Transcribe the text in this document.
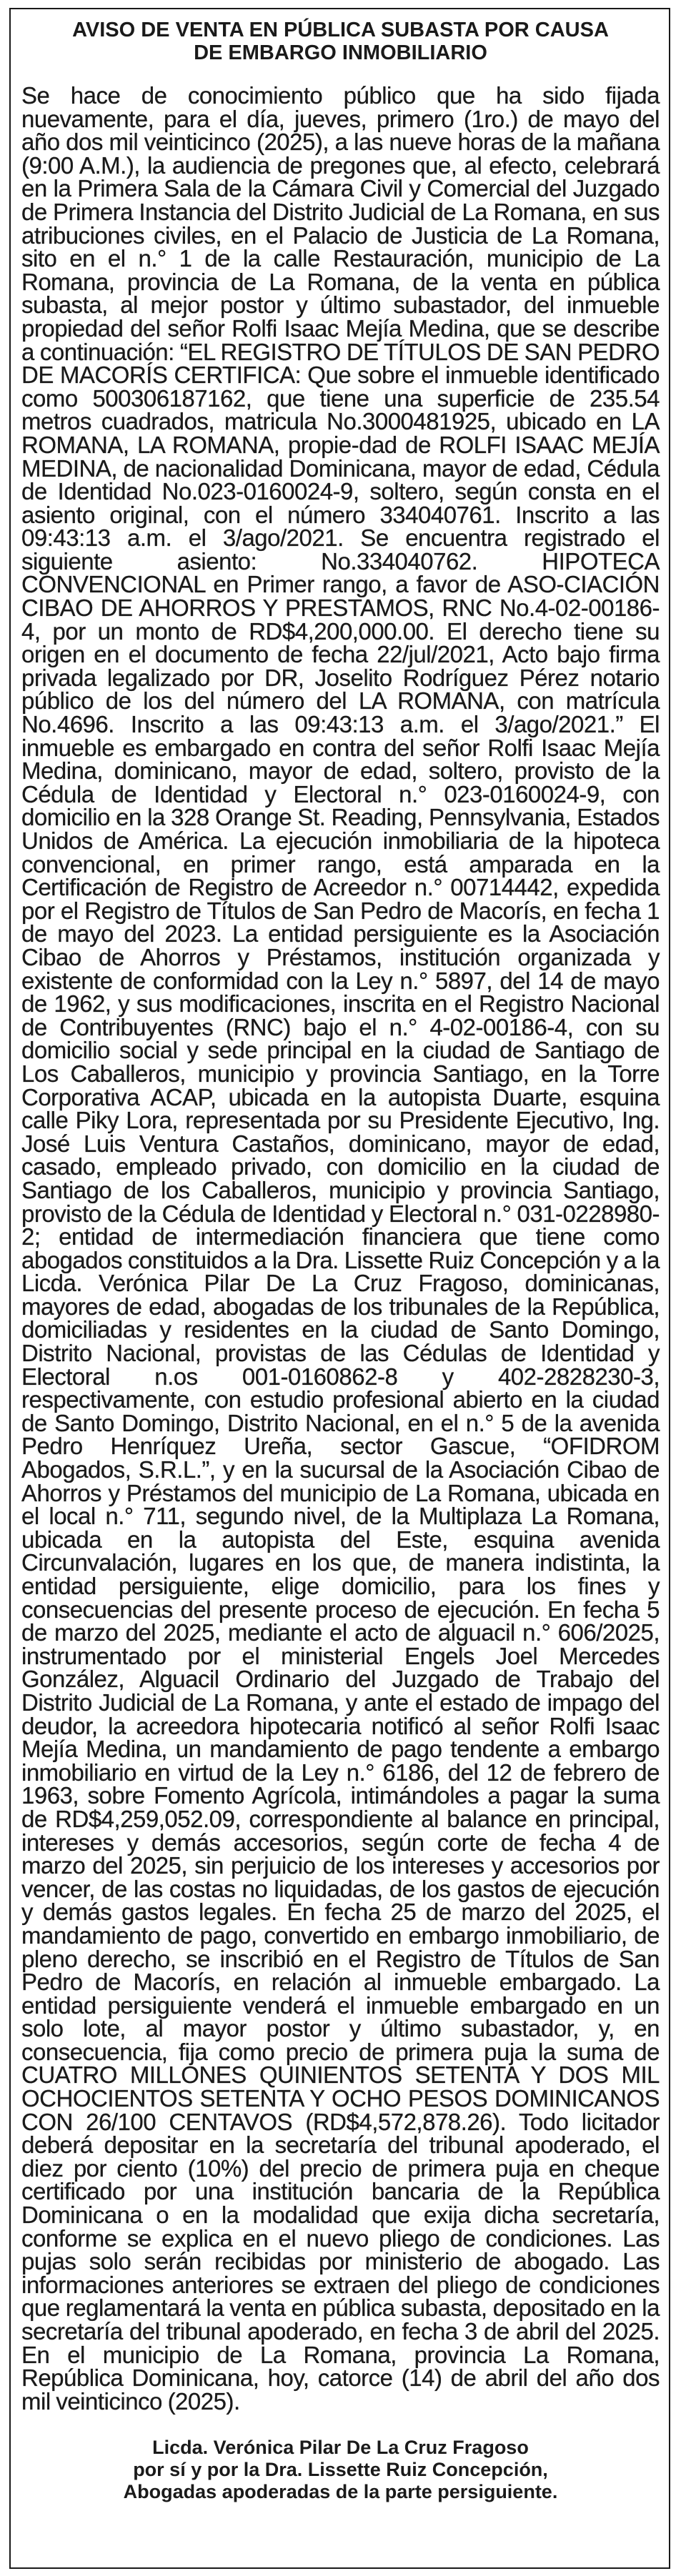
AVISO DE VENTA EN PÚBLICA SUBASTA POR CAUSA
DE EMBARGO INMOBILIARIO
Se hace de conocimiento público que ha sido fijada nuevamente, para el día, jueves, primero (1ro.) de mayo del año dos mil veinticinco (2025), a las nueve horas de la mañana (9:00 A.M.), la audiencia de pregones que, al efecto, celebrará en la Primera Sala de la Cámara Civil y Comercial del Juzgado de Primera Instancia del Distrito Judicial de La Romana, en sus atribuciones civiles, en el Palacio de Justicia de La Romana, sito en el n.° 1 de la calle Restauración, municipio de La Romana, provincia de La Romana, de la venta en pública subasta, al mejor postor y último subastador, del inmueble propiedad del señor Rolfi Isaac Mejía Medina, que se describe a continuación: “EL REGISTRO DE TÍTULOS DE SAN PEDRO DE MACORÍS CERTIFICA: Que sobre el inmueble identificado como 500306187162, que tiene una superficie de 235.54 metros cuadrados, matricula No.3000481925, ubicado en LA ROMANA, LA ROMANA, propie-dad de ROLFI ISAAC MEJÍA MEDINA, de nacionalidad Dominicana, mayor de edad, Cédula de Identidad No.023-0160024-9, soltero, según consta en el asiento original, con el número 334040761. Inscrito a las 09:43:13 a.m. el 3/ago/2021. Se encuentra registrado el siguiente asiento: No.334040762. HIPOTECA CONVENCIONAL en Primer rango, a favor de ASO-CIACIÓN CIBAO DE AHORROS Y PRESTAMOS, RNC No.4-02-00186-4, por un monto de RD$4,200,000.00. El derecho tiene su origen en el documento de fecha 22/jul/2021, Acto bajo firma privada legalizado por DR, Joselito Rodríguez Pérez notario público de los del número del LA ROMANA, con matrícula No.4696. Inscrito a las 09:43:13 a.m. el 3/ago/2021.” El inmueble es embargado en contra del señor Rolfi Isaac Mejía Medina, dominicano, mayor de edad, soltero, provisto de la Cédula de Identidad y Electoral n.° 023-0160024-9, con domicilio en la 328 Orange St. Reading, Pennsylvania, Estados Unidos de América. La ejecución inmobiliaria de la hipoteca convencional, en primer rango, está amparada en la Certificación de Registro de Acreedor n.° 00714442, expedida por el Registro de Títulos de San Pedro de Macorís, en fecha 1 de mayo del 2023. La entidad persiguiente es la Asociación Cibao de Ahorros y Préstamos, institución organizada y existente de conformidad con la Ley n.° 5897, del 14 de mayo de 1962, y sus modificaciones, inscrita en el Registro Nacional de Contribuyentes (RNC) bajo el n.° 4-02-00186-4, con su domicilio social y sede principal en la ciudad de Santiago de Los Caballeros, municipio y provincia Santiago, en la Torre Corporativa ACAP, ubicada en la autopista Duarte, esquina calle Piky Lora, representada por su Presidente Ejecutivo, Ing. José Luis Ventura Castaños, dominicano, mayor de edad, casado, empleado privado, con domicilio en la ciudad de Santiago de los Caballeros, municipio y provincia Santiago, provisto de la Cédula de Identidad y Electoral n.° 031-0228980-2; entidad de intermediación financiera que tiene como abogados constituidos a la Dra. Lissette Ruiz Concepción y a la Licda. Verónica Pilar De La Cruz Fragoso, dominicanas, mayores de edad, abogadas de los tribunales de la República, domiciliadas y residentes en la ciudad de Santo Domingo, Distrito Nacional, provistas de las Cédulas de Identidad y Electoral n.os 001-0160862-8 y 402-2828230-3, respectivamente, con estudio profesional abierto en la ciudad de Santo Domingo, Distrito Nacional, en el n.° 5 de la avenida Pedro Henríquez Ureña, sector Gascue, “OFIDROM Abogados, S.R.L.”, y en la sucursal de la Asociación Cibao de Ahorros y Préstamos del municipio de La Romana, ubicada en el local n.° 711, segundo nivel, de la Multiplaza La Romana, ubicada en la autopista del Este, esquina avenida Circunvalación, lugares en los que, de manera indistinta, la entidad persiguiente, elige domicilio, para los fines y consecuencias del presente proceso de ejecución. En fecha 5 de marzo del 2025, mediante el acto de alguacil n.° 606/2025, instrumentado por el ministerial Engels Joel Mercedes González, Alguacil Ordinario del Juzgado de Trabajo del Distrito Judicial de La Romana, y ante el estado de impago del deudor, la acreedora hipotecaria notificó al señor Rolfi Isaac Mejía Medina, un mandamiento de pago tendente a embargo inmobiliario en virtud de la Ley n.° 6186, del 12 de febrero de 1963, sobre Fomento Agrícola, intimándoles a pagar la suma de RD$4,259,052.09, correspondiente al balance en principal, intereses y demás accesorios, según corte de fecha 4 de marzo del 2025, sin perjuicio de los intereses y accesorios por vencer, de las costas no liquidadas, de los gastos de ejecución y demás gastos legales. En fecha 25 de marzo del 2025, el mandamiento de pago, convertido en embargo inmobiliario, de pleno derecho, se inscribió en el Registro de Títulos de San Pedro de Macorís, en relación al inmueble embargado. La entidad persiguiente venderá el inmueble embargado en un solo lote, al mayor postor y último subastador, y, en consecuencia, fija como precio de primera puja la suma de CUATRO MILLONES QUINIENTOS SETENTA Y DOS MIL OCHOCIENTOS SETENTA Y OCHO PESOS DOMINICANOS CON 26/100 CENTAVOS (RD$4,572,878.26). Todo licitador deberá depositar en la secretaría del tribunal apoderado, el diez por ciento (10%) del precio de primera puja en cheque certificado por una institución bancaria de la República Dominicana o en la modalidad que exija dicha secretaría, conforme se explica en el nuevo pliego de condiciones. Las pujas solo serán recibidas por ministerio de abogado. Las informaciones anteriores se extraen del pliego de condiciones que reglamentará la venta en pública subasta, depositado en la secretaría del tribunal apoderado, en fecha 3 de abril del 2025. En el municipio de La Romana, provincia La Romana, República Dominicana, hoy, catorce (14) de abril del año dos mil veinticinco (2025).
Licda. Verónica Pilar De La Cruz Fragoso
por sí y por la Dra. Lissette Ruiz Concepción,
Abogadas apoderadas de la parte persiguiente.
